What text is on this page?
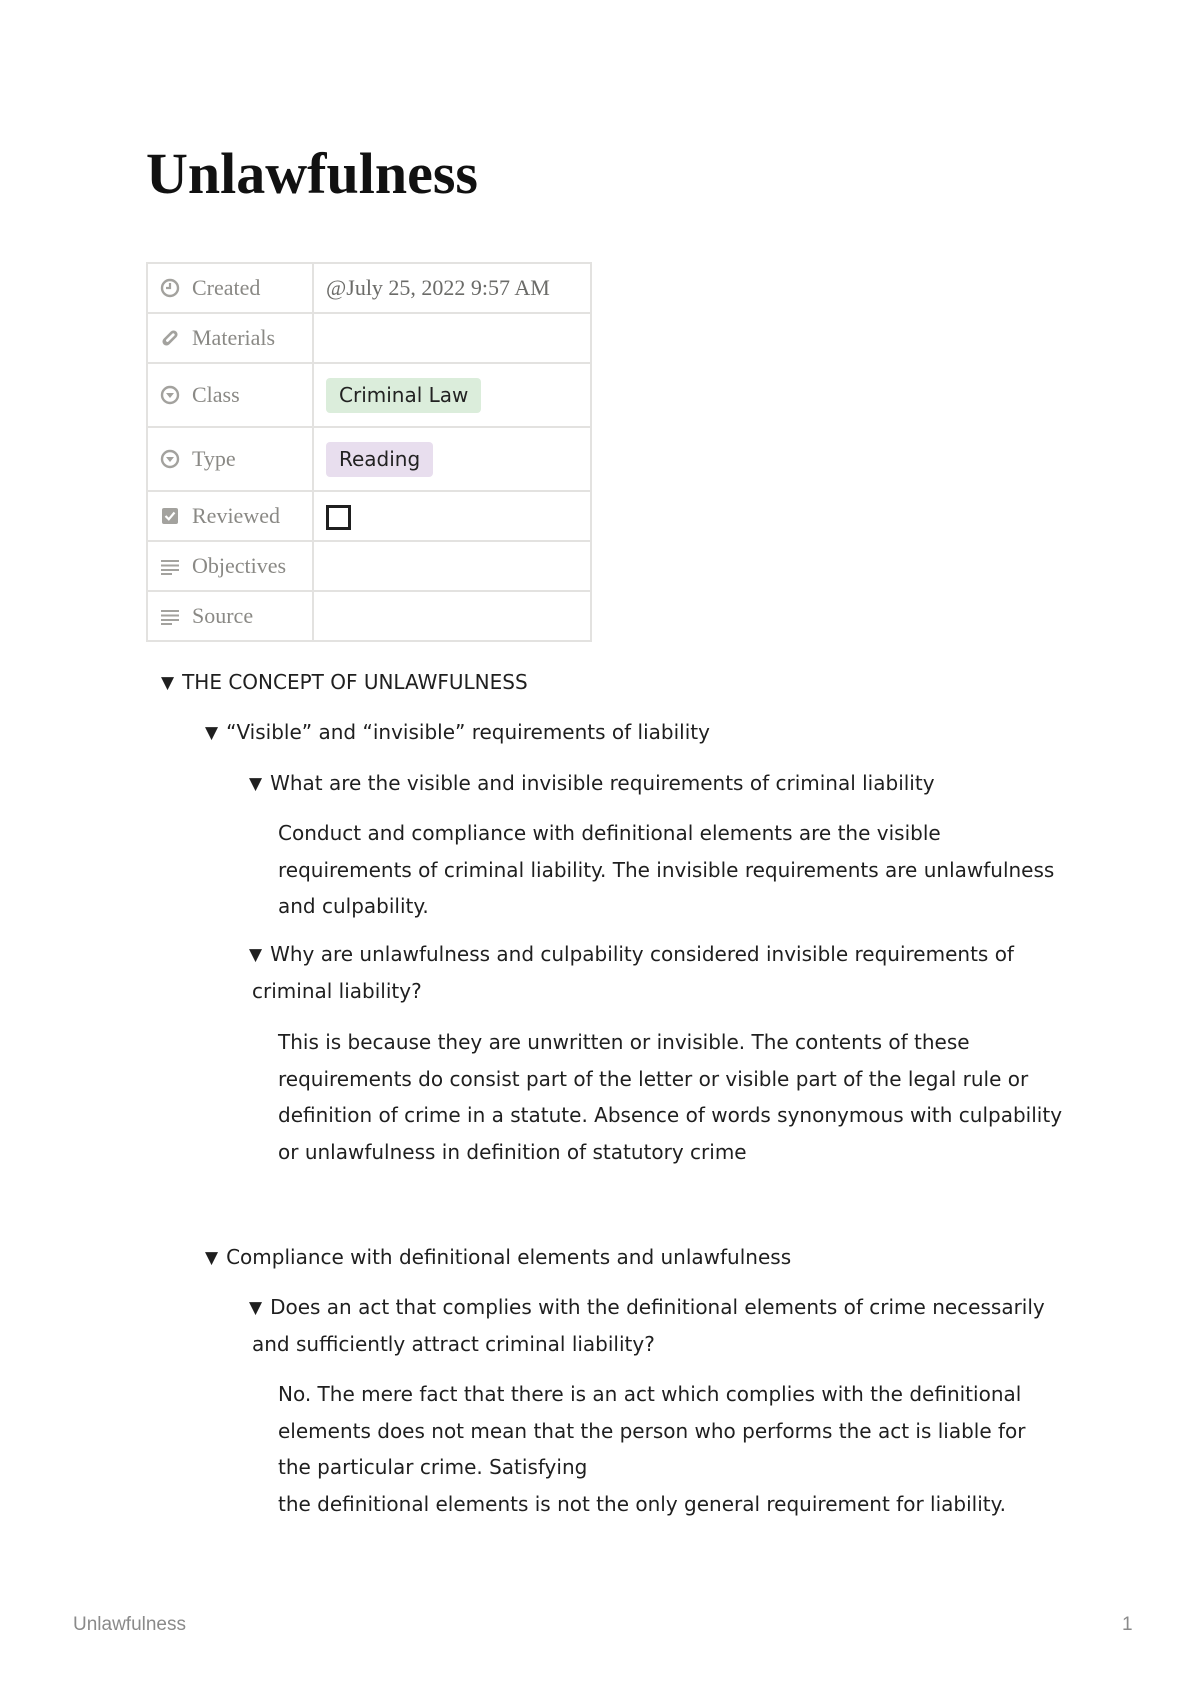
Unlawfulness
Created	@July 25, 2022 9:57 AM
Materials	
Class	Criminal Law
Type	Reading
Reviewed	
Objectives	
Source	
▼ THE CONCEPT OF UNLAWFULNESS
▼ “Visible” and “invisible” requirements of liability
▼ What are the visible and invisible requirements of criminal liability

Conduct and compliance with definitional elements are the visible requirements of criminal liability. The invisible requirements are unlawfulness and culpability.

▼ Why are unlawfulness and culpability considered invisible requirements of
criminal liability?

This is because they are unwritten or invisible. The contents of these requirements do consist part of the letter or visible part of the legal rule or definition of crime in a statute. Absence of words synonymous with culpability or unlawfulness in definition of statutory crime

▼ Compliance with definitional elements and unlawfulness
▼ Does an act that complies with the definitional elements of crime necessarily
and sufficiently attract criminal liability?

No. The mere fact that there is an act which complies with the definitional elements does not mean that the person who performs the act is liable for the particular crime. Satisfying

the definitional elements is not the only general requirement for liability.

Unlawfulness	1
